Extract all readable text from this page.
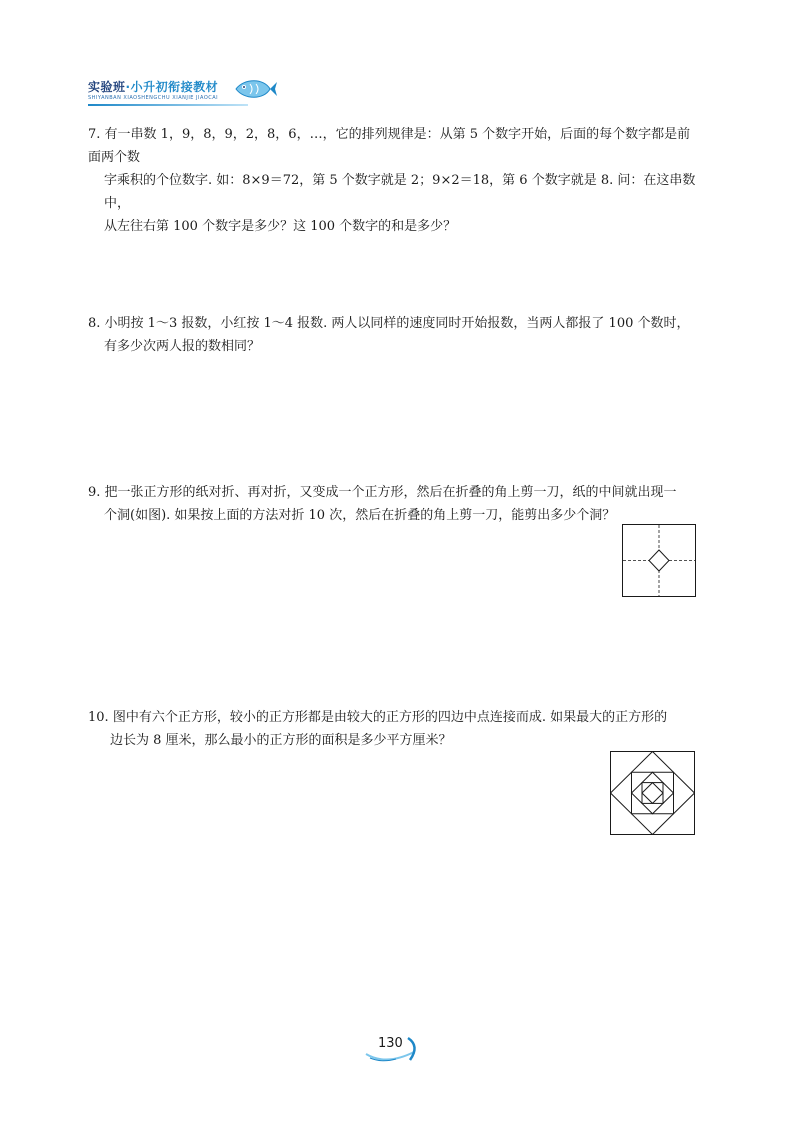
实验班·小升初衔接教材
SHIYANBAN XIAOSHENGCHU XIANJIE JIAOCAI

7. 有一串数 1，9，8，9，2，8，6，…，它的排列规律是：从第 5 个数字开始，后面的每个数字都是前面两个数

字乘积的个位数字. 如：8×9＝72，第 5 个数字就是 2；9×2＝18，第 6 个数字就是 8. 问：在这串数中，

从左往右第 100 个数字是多少？这 100 个数字的和是多少？

8. 小明按 1～3 报数，小红按 1～4 报数. 两人以同样的速度同时开始报数，当两人都报了 100 个数时，

有多少次两人报的数相同？

9. 把一张正方形的纸对折、再对折，又变成一个正方形，然后在折叠的角上剪一刀，纸的中间就出现一

个洞(如图). 如果按上面的方法对折 10 次，然后在折叠的角上剪一刀，能剪出多少个洞？

10. 图中有六个正方形，较小的正方形都是由较大的正方形的四边中点连接而成. 如果最大的正方形的

边长为 8 厘米，那么最小的正方形的面积是多少平方厘米？

130
